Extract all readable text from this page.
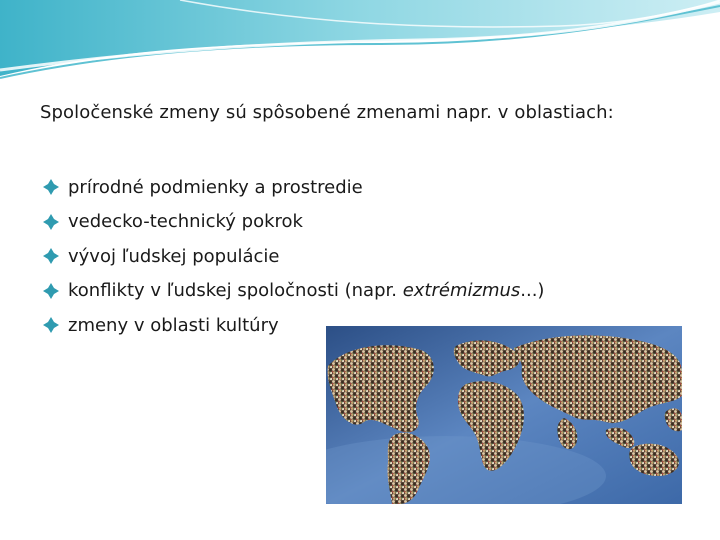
Spoločenské zmeny sú spôsobené zmenami napr. v oblastiach:
prírodné podmienky a prostredie
vedecko-technický pokrok
vývoj ľudskej populácie
konflikty v ľudskej spoločnosti (napr. extrémizmus...)
zmeny v oblasti kultúry
